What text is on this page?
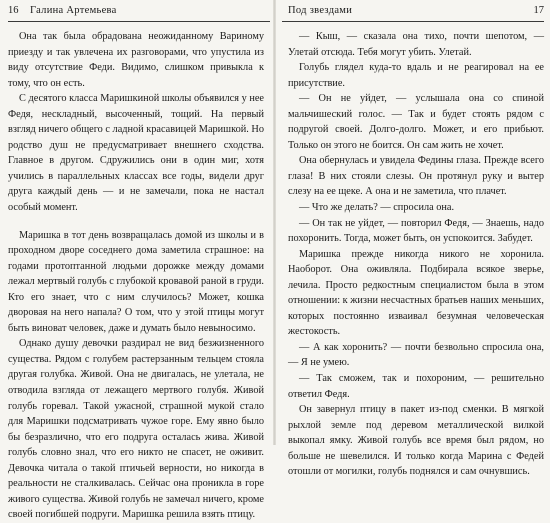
16 Галина Артемьева

Она так была обрадована неожиданному Вариному приезду и так увлечена их разговорами, что упустила из виду отсутствие Феди. Видимо, слишком привыкла к тому, что он есть.

С десятого класса Маришкиной школы объявился у нее Федя, нескладный, высоченный, тощий. На первый взгляд ничего общего с ладной красавицей Маришкой. Но родство душ не предусматривает внешнего сходства. Главное в другом. Сдружились они в один миг, хотя учились в параллельных классах все годы, видели друг друга каждый день — и не замечали, пока не настал особый момент.

Маришка в тот день возвращалась домой из школы и в проходном дворе соседнего дома заметила страшное: на годами протоптанной людьми дорожке между домами лежал мертвый голубь с глубокой кровавой раной в груди. Кто его знает, что с ним случилось? Может, кошка дворовая на него напала? О том, что у этой птицы могут быть виноват человек, даже и думать было невыносимо.

Однако душу девочки раздирал не вид безжизненного существа. Рядом с голубем растерзанным тельцем стояла другая голубка. Живой. Она не двигалась, не улетала, не отводила взгляда от лежащего мертвого голубя. Живой голубь горевал. Такой ужасной, страшной мукой стало для Маришки подсматривать чужое горе. Ему явно было бы безразлично, что его подруга осталась жива. Живой голубь словно знал, что его никто не спасет, не оживит. Девочка читала о такой птичьей верности, но никогда в реальности не сталкивалась. Сейчас она проникла в горе живого существа. Живой голубь не замечал ничего, кроме своей погибшей подруги. Маришка решила взять птицу.

Под звездами	17

— Кыш, — сказала она тихо, почти шепотом, — Улетай отсюда. Тебя могут убить. Улетай.

Голубь глядел куда-то вдаль и не реагировал на ее присутствие.

— Он не уйдет, — услышала она со спиной мальчишеский голос. — Так и будет стоять рядом с подругой своей. Долго-долго. Может, и его прибьют. Только он этого не боится. Он сам жить не хочет.

Она обернулась и увидела Федины глаза. Прежде всего глаза! В них стояли слезы. Он протянул руку и вытер слезу на ее щеке. А она и не заметила, что плачет.

— Что же делать? — спросила она.

— Он так не уйдет, — повторил Федя, — Знаешь, надо похоронить. Тогда, может быть, он успокоится. Забудет.

Маришка прежде никогда никого не хоронила. Наоборот. Она оживляла. Подбирала всякое зверье, лечила. Просто редкостным специалистом была в этом отношении: к жизни несчастных братьев наших меньших, которых постоянно изваивал безумная человеческая жестокость.

— А как хоронить? — почти безвольно спросила она, — Я не умею.

— Так сможем, так и похороним, — решительно ответил Федя.

Он завернул птицу в пакет из-под сменки. В мягкой рыхлой земле под деревом металлической вилкой выкопал ямку. Живой голубь все время был рядом, но больше не шевелился. И только когда Марина с Федей отошли от могилки, голубь поднялся и сам очнувшись.
